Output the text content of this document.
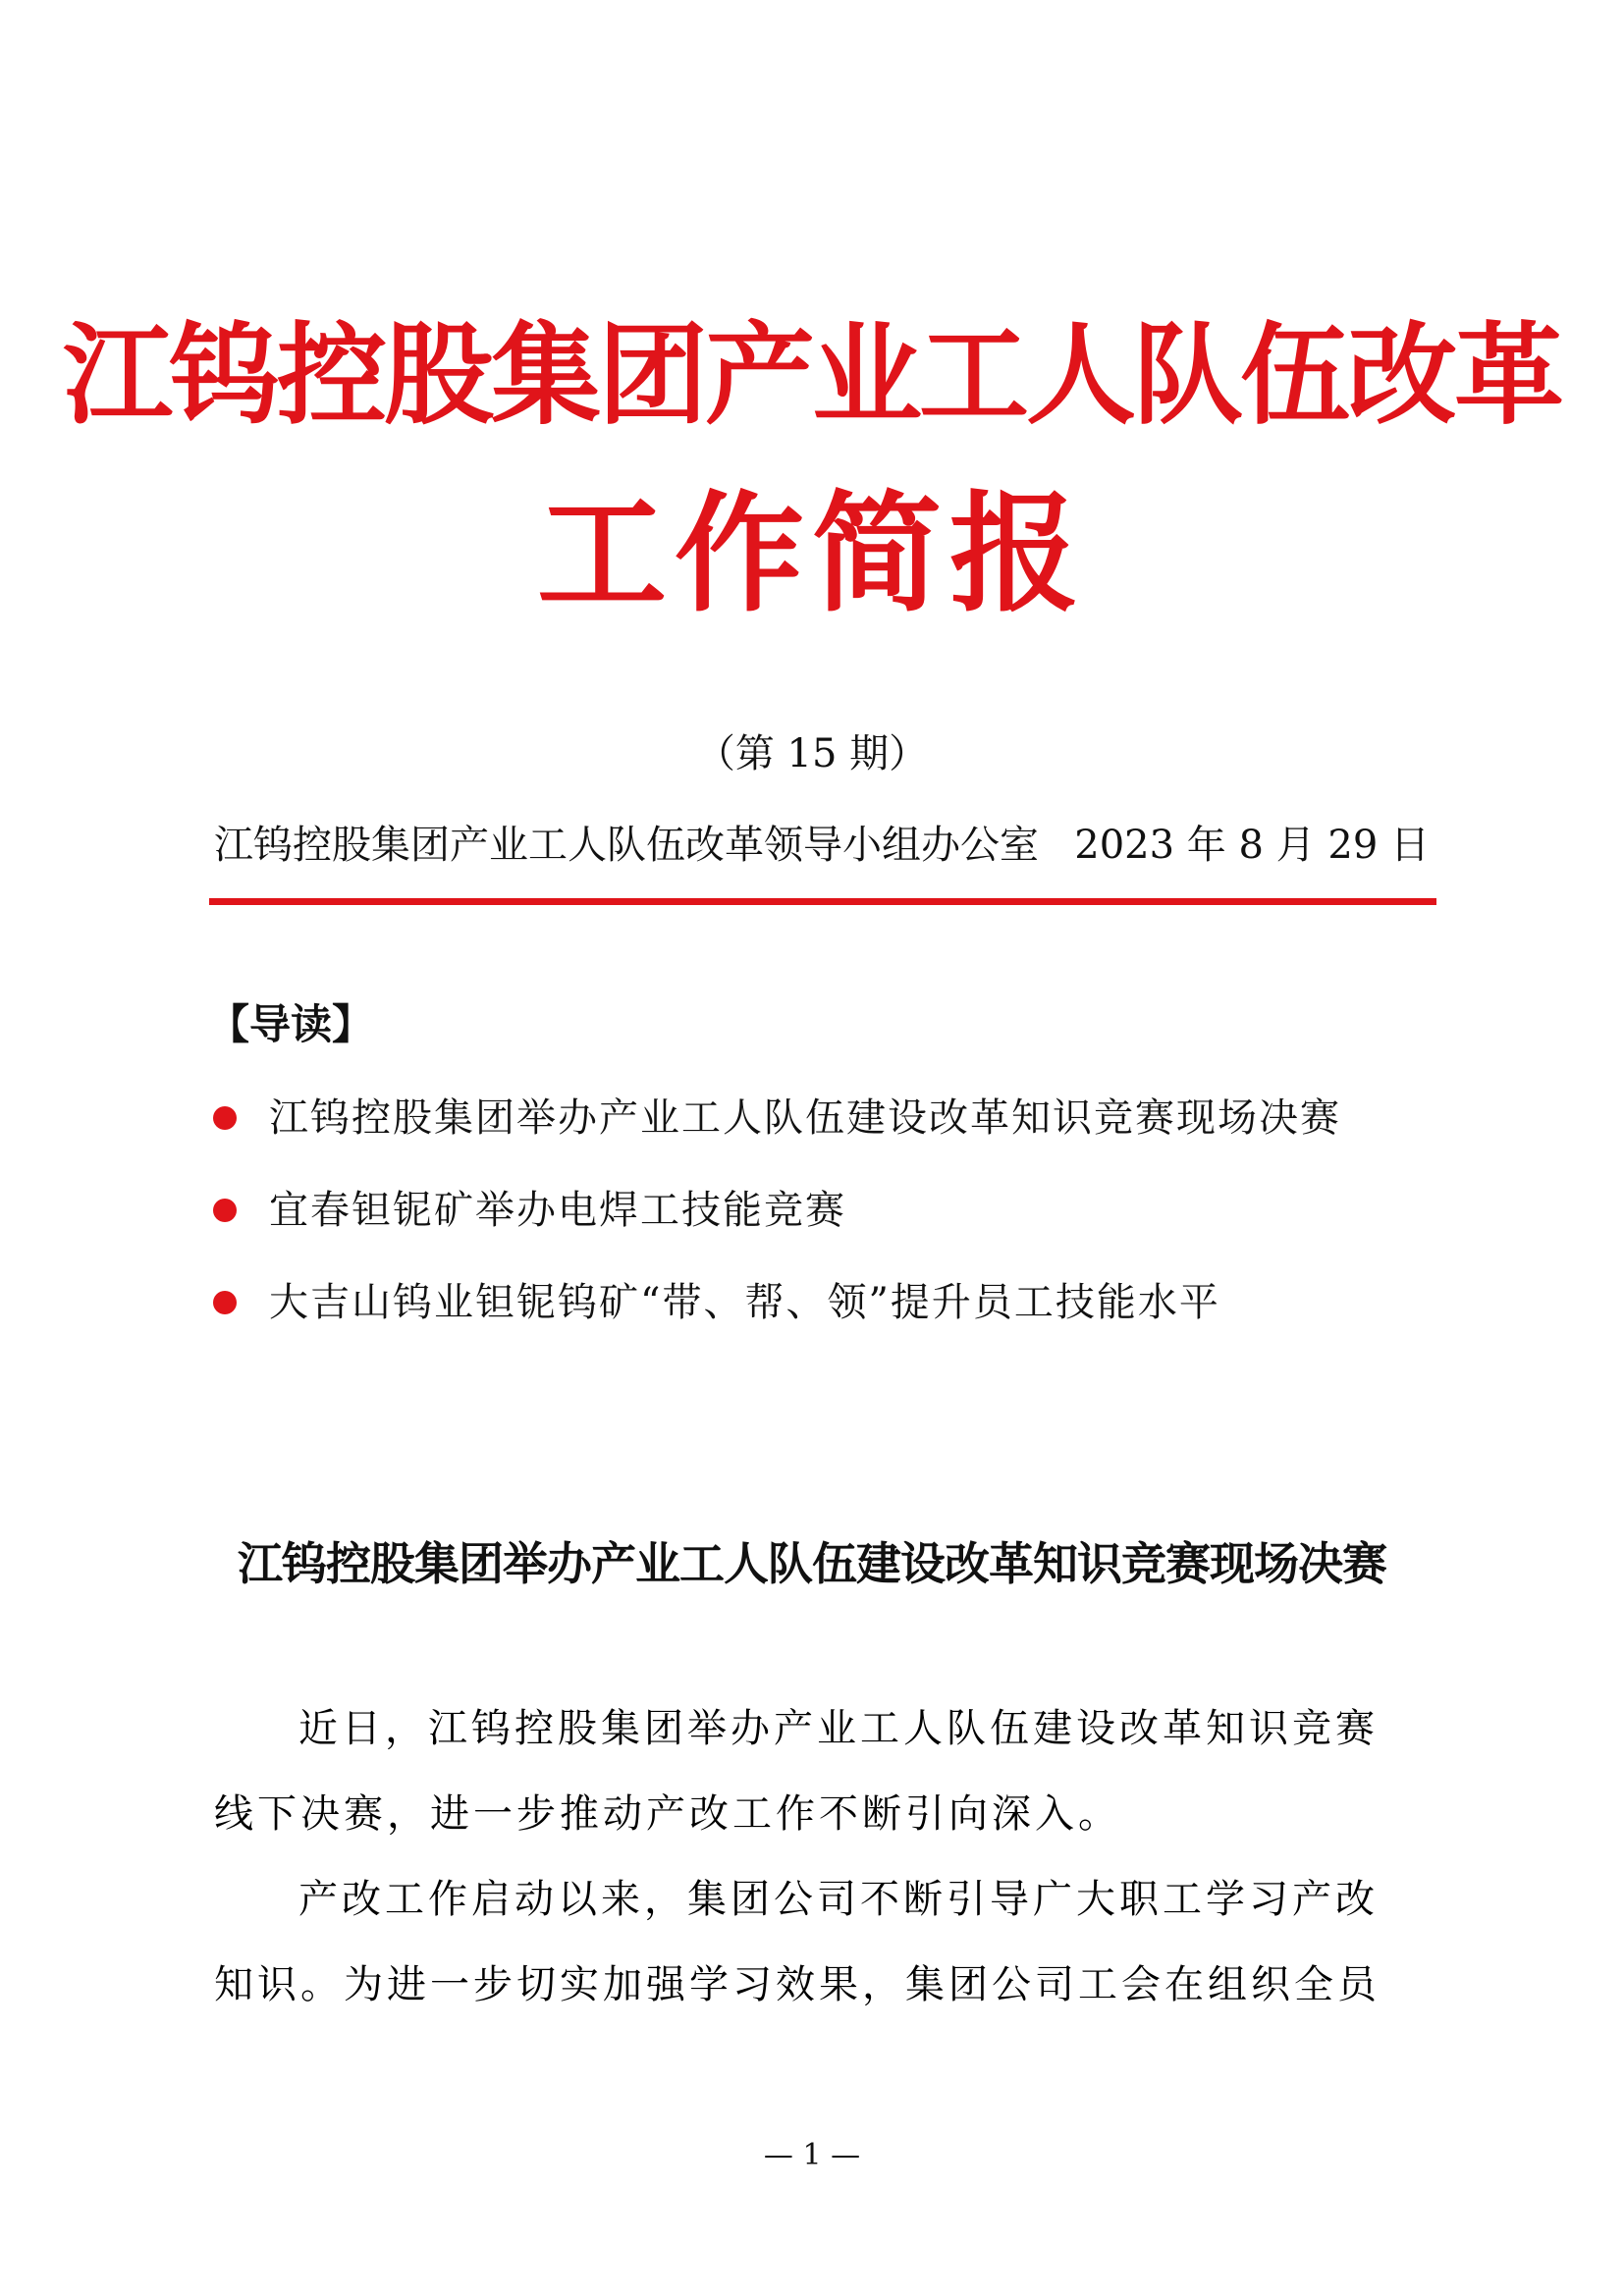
江钨控股集团产业工人队伍改革
工作简报
（第 15 期）
江钨控股集团产业工人队伍改革领导小组办公室 2023 年 8 月 29 日
【导读】
江钨控股集团举办产业工人队伍建设改革知识竞赛现场决赛
宜春钽铌矿举办电焊工技能竞赛
大吉山钨业钽铌钨矿“带、帮、领”提升员工技能水平
江钨控股集团举办产业工人队伍建设改革知识竞赛现场决赛
近日，江钨控股集团举办产业工人队伍建设改革知识竞赛
线下决赛，进一步推动产改工作不断引向深入。
产改工作启动以来，集团公司不断引导广大职工学习产改
知识。为进一步切实加强学习效果，集团公司工会在组织全员
— 1 —
